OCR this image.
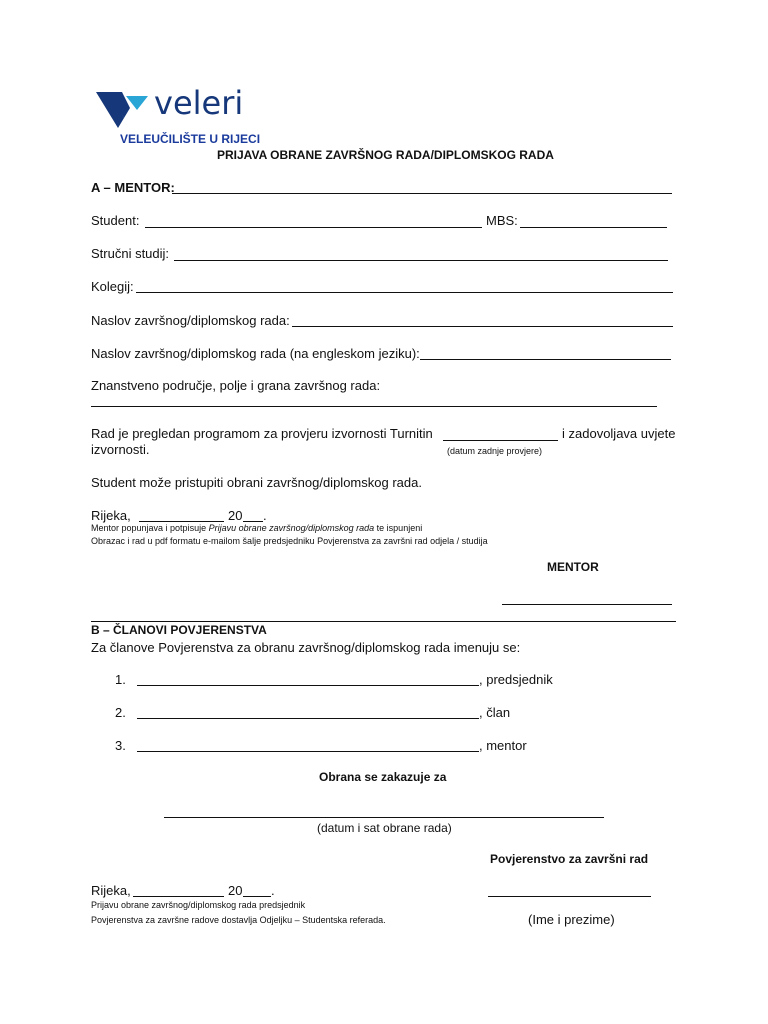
veleri
VELEUČILIŠTE U RIJECI
PRIJAVA OBRANE ZAVRŠNOG RADA/DIPLOMSKOG RADA
A – MENTOR:
Student:	MBS:
Stručni studij:
Kolegij:
Naslov završnog/diplomskog rada:
Naslov završnog/diplomskog rada (na engleskom jeziku):
Znanstveno područje, polje i grana završnog rada:
Rad je pregledan programom za provjeru izvornosti Turnitin	i zadovoljava uvjete
izvornosti.	(datum zadnje provjere)
Student može pristupiti obrani završnog/diplomskog rada.
Rijeka,	20 .
Mentor popunjava i potpisuje Prijavu obrane završnog/diplomskog rada te ispunjeni
Obrazac i rad u pdf formatu e-mailom šalje predsjedniku Povjerenstva za završni rad odjela / studija
MENTOR
B – ČLANOVI POVJERENSTVA
Za članove Povjerenstva za obranu završnog/diplomskog rada imenuju se:
1.	, predsjednik
2.	, član
3.	, mentor
Obrana se zakazuje za
(datum i sat obrane rada)
Povjerenstvo za završni rad
Rijeka,	20 .
Prijavu obrane završnog/diplomskog rada predsjednik
Povjerenstva za završne radove dostavlja Odjeljku – Studentska referada.	(Ime i prezime)
